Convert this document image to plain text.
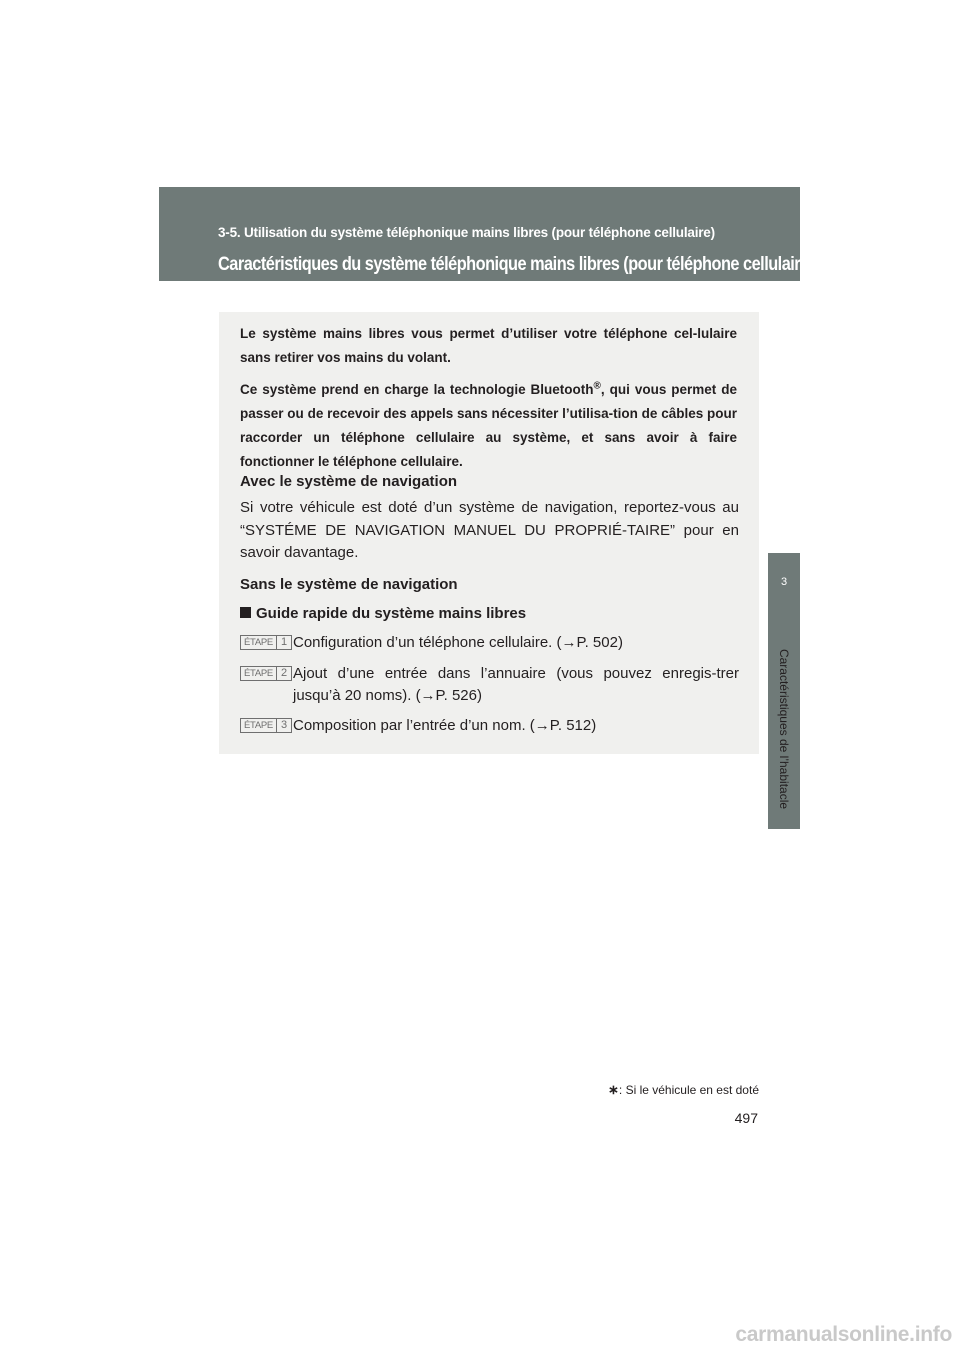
3-5. Utilisation du système téléphonique mains libres (pour téléphone cellulaire)
Caractéristiques du système téléphonique mains libres (pour téléphone cellulaire)∗
3
Caractéristiques de l’habitacle

Le système mains libres vous permet d’utiliser votre téléphone cel-lulaire sans retirer vos mains du volant.

Ce système prend en charge la technologie Bluetooth®, qui vous permet de passer ou de recevoir des appels sans nécessiter l’utilisa-tion de câbles pour raccorder un téléphone cellulaire au système, et sans avoir à faire fonctionner le téléphone cellulaire.

Avec le système de navigation
Si votre véhicule est doté d’un système de navigation, reportez-vous au “SYSTÉME DE NAVIGATION MANUEL DU PROPRIÉ-TAIRE” pour en savoir davantage.
Sans le système de navigation
Guide rapide du système mains libres
ÉTAPE 1 Configuration d’un téléphone cellulaire. (→P. 502)
ÉTAPE 2 Ajout d’une entrée dans l’annuaire (vous pouvez enregis-trer jusqu’à 20 noms). (→P. 526)
ÉTAPE 3 Composition par l’entrée d’un nom. (→P. 512)
∗: Si le véhicule en est doté
497
carmanualsonline.info
